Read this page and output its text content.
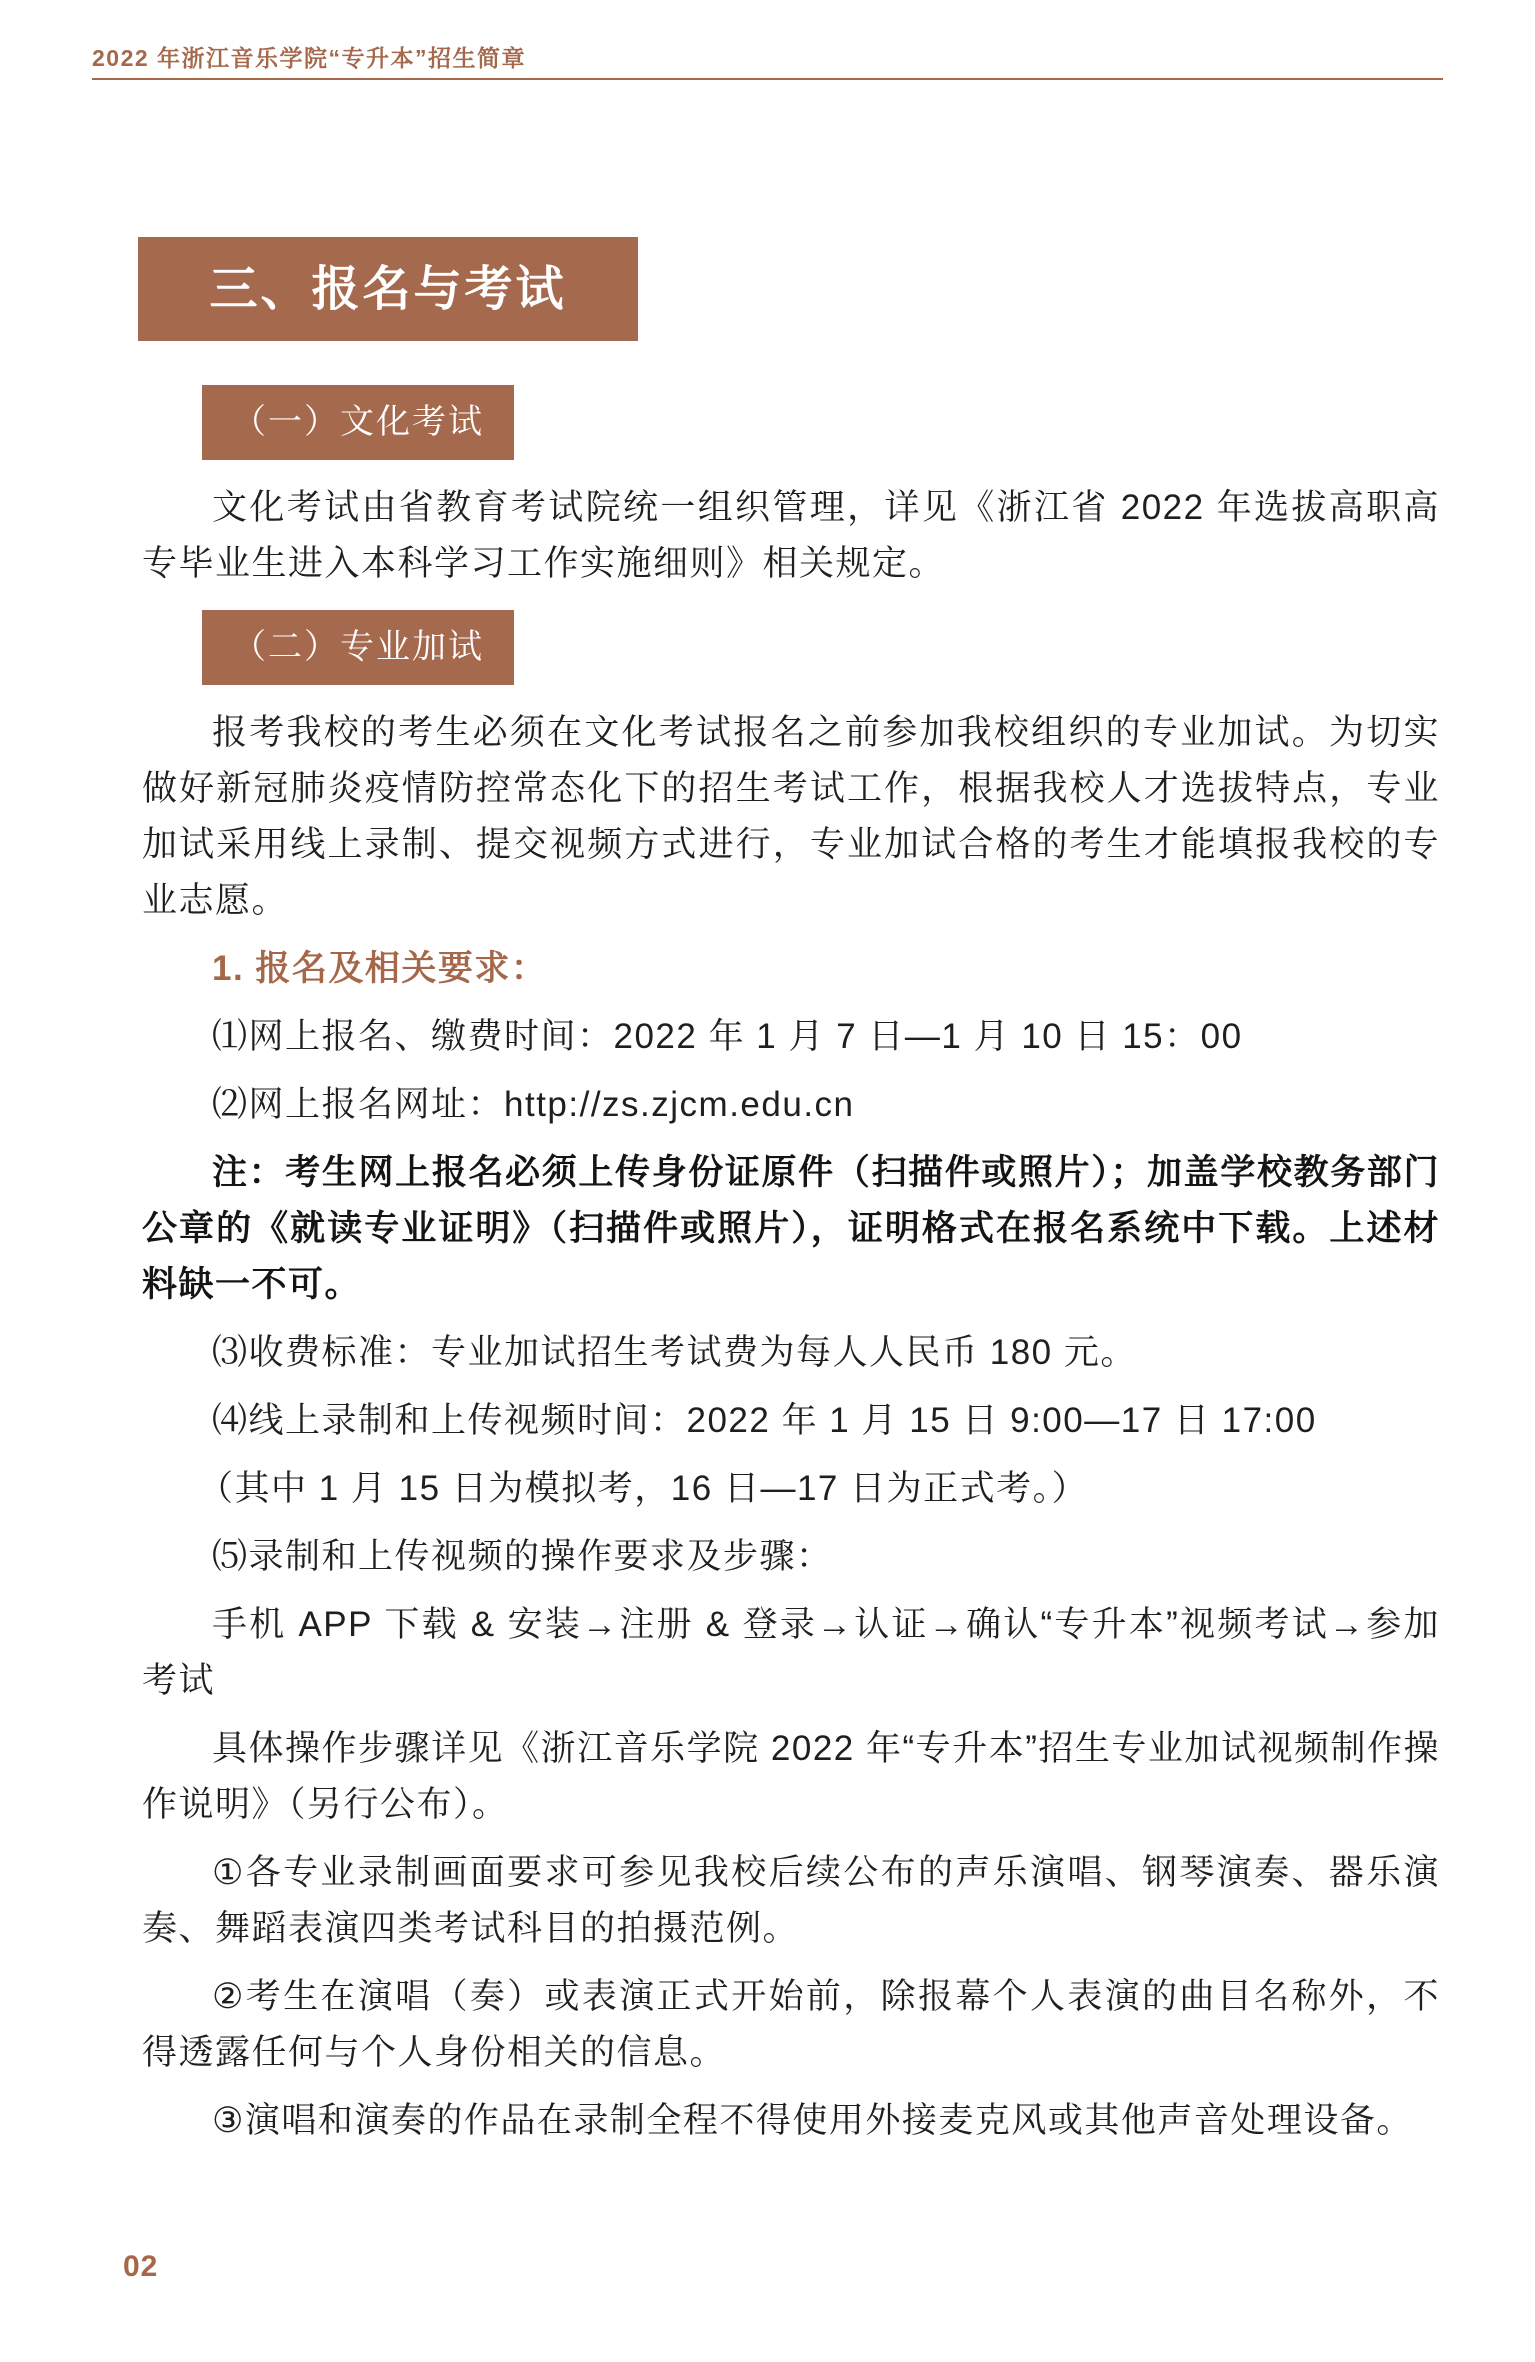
2022 年浙江音乐学院“专升本”招生简章
三、报名与考试
（一）文化考试

文化考试由省教育考试院统一组织管理，详见《浙江省 2022 年选拔高职高专毕业生进入本科学习工作实施细则》相关规定。

（二）专业加试

报考我校的考生必须在文化考试报名之前参加我校组织的专业加试。为切实做好新冠肺炎疫情防控常态化下的招生考试工作，根据我校人才选拔特点，专业加试采用线上录制、提交视频方式进行，专业加试合格的考生才能填报我校的专业志愿。

1. 报名及相关要求：

⑴网上报名、缴费时间：2022 年 1 月 7 日—1 月 10 日 15：00

⑵网上报名网址：http://zs.zjcm.edu.cn

注：考生网上报名必须上传身份证原件（扫描件或照片）；加盖学校教务部门公章的《就读专业证明》（扫描件或照片），证明格式在报名系统中下载。上述材料缺一不可。

⑶收费标准：专业加试招生考试费为每人人民币 180 元。

⑷线上录制和上传视频时间：2022 年 1 月 15 日 9:00—17 日 17:00

（其中 1 月 15 日为模拟考，16 日—17 日为正式考。）

⑸录制和上传视频的操作要求及步骤：

手机 APP 下载 & 安装→注册 & 登录→认证→确认“专升本”视频考试→参加考试

具体操作步骤详见《浙江音乐学院 2022 年“专升本”招生专业加试视频制作操作说明》（另行公布）。

①各专业录制画面要求可参见我校后续公布的声乐演唱、钢琴演奏、器乐演奏、舞蹈表演四类考试科目的拍摄范例。

②考生在演唱（奏）或表演正式开始前，除报幕个人表演的曲目名称外，不得透露任何与个人身份相关的信息。

③演唱和演奏的作品在录制全程不得使用外接麦克风或其他声音处理设备。

02
